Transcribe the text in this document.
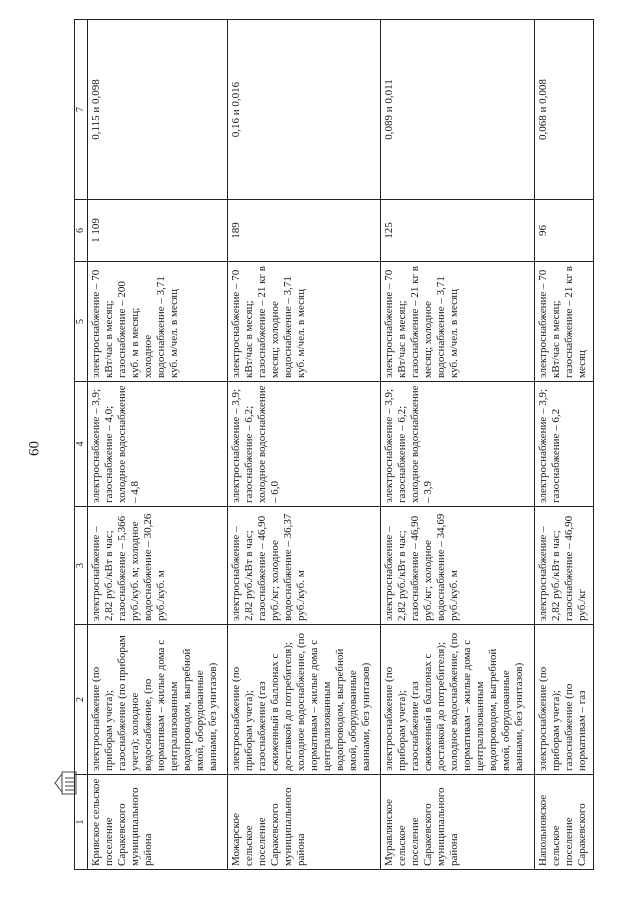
60
1	2	3	4	5	6	7
Кривское сельское поселение Саракевского муниципального района	электроснабжение (по приборам учета); газоснабжение (по приборам учета); холодное водоснабжение, (по нормативам – жилые дома с централизованным водопроводом, выгребной ямой, оборудованные ваннами, без унитазов)	электроснабжение – 2,82 руб./кВт в час; газоснабжение – 5,366 руб./куб. м; холодное водоснабжение – 30,26 руб./куб. м	электроснабжение – 3,9; газоснабжение – 4,0; холодное водоснабжение – 4,8	электроснабжение – 70 кВт/час в месяц; газоснабжение – 200 куб. м в месяц; холодное водоснабжение – 3,71 куб. м/чел. в месяц	1 109	0,115 и 0,098
Можарское сельское поселение Саракевского муниципального района	электроснабжение (по приборам учета); газоснабжение (газ сжиженный в баллонах с доставкой до потребителя); холодное водоснабжение, (по нормативам – жилые дома с централизованным водопроводом, выгребной ямой, оборудованные ваннами, без унитазов)	электроснабжение – 2,82 руб./кВт в час; газоснабжение – 46,90 руб./кг; холодное водоснабжение – 36,37 руб./куб. м	электроснабжение – 3,9; газоснабжение – 6,2; холодное водоснабжение – 6,0	электроснабжение – 70 кВт/час в месяц; газоснабжение – 21 кг в месяц; холодное водоснабжение – 3,71 куб. м/чел. в месяц	189	0,16 и 0,016
Муравлянское сельское поселение Саракевского муниципального района	электроснабжение (по приборам учета); газоснабжение (газ сжиженный в баллонах с доставкой до потребителя); холодное водоснабжение, (по нормативам – жилые дома с централизованным водопроводом, выгребной ямой, оборудованные ваннами, без унитазов)	электроснабжение – 2,82 руб./кВт в час; газоснабжение – 46,90 руб./кг; холодное водоснабжение – 34,69 руб./куб. м	электроснабжение – 3,9; газоснабжение – 6,2; холодное водоснабжение – 3,9	электроснабжение – 70 кВт/час в месяц; газоснабжение – 21 кг в месяц; холодное водоснабжение – 3,71 куб. м/чел. в месяц	125	0,089 и 0,011
Напольновское сельское поселение Саракевского	электроснабжение (по приборам учета); газоснабжение (по нормативам – газ	электроснабжение – 2,82 руб./кВт в час; газоснабжение – 46,90 руб./кг	электроснабжение – 3,9; газоснабжение – 6,2	электроснабжение – 70 кВт/час в месяц; газоснабжение – 21 кг в месяц	96	0,068 и 0,008
